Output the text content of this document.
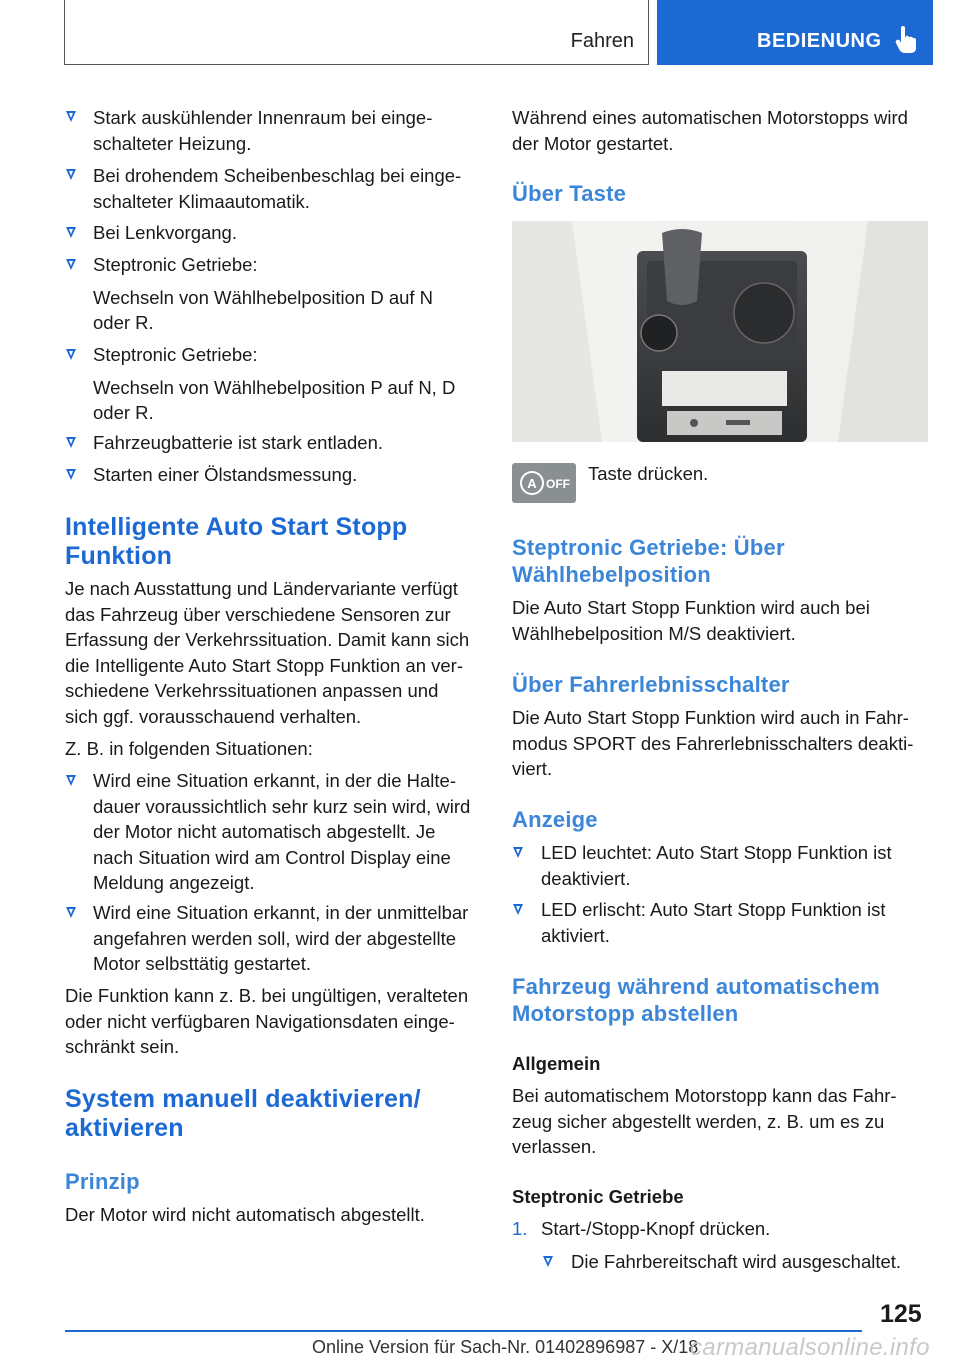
Fahren	BEDIENUNG
Stark auskühlender Innenraum bei einge-
schalteter Heizung.
Bei drohendem Scheibenbeschlag bei einge-
schalteter Klimaautomatik.
Bei Lenkvorgang.
Steptronic Getriebe:
Wechseln von Wählhebelposition D auf N
oder R.
Steptronic Getriebe:
Wechseln von Wählhebelposition P auf N, D
oder R.
Fahrzeugbatterie ist stark entladen.
Starten einer Ölstandsmessung.
Intelligente Auto Start Stopp
Funktion
Je nach Ausstattung und Ländervariante verfügt
das Fahrzeug über verschiedene Sensoren zur
Erfassung der Verkehrssituation. Damit kann sich
die Intelligente Auto Start Stopp Funktion an ver-
schiedene Verkehrssituationen anpassen und
sich ggf. vorausschauend verhalten.
Z. B. in folgenden Situationen:
Wird eine Situation erkannt, in der die Halte-
dauer voraussichtlich sehr kurz sein wird, wird
der Motor nicht automatisch abgestellt. Je
nach Situation wird am Control Display eine
Meldung angezeigt.
Wird eine Situation erkannt, in der unmittelbar
angefahren werden soll, wird der abgestellte
Motor selbsttätig gestartet.
Die Funktion kann z. B. bei ungültigen, veralteten
oder nicht verfügbaren Navigationsdaten einge-
schränkt sein.
System manuell deaktivieren/
aktivieren
Prinzip
Der Motor wird nicht automatisch abgestellt.
Während eines automatischen Motorstopps wird
der Motor gestartet.
Über Taste
A OFF Taste drücken.
Steptronic Getriebe: Über
Wählhebelposition
Die Auto Start Stopp Funktion wird auch bei
Wählhebelposition M/S deaktiviert.
Über Fahrerlebnisschalter
Die Auto Start Stopp Funktion wird auch in Fahr-
modus SPORT des Fahrerlebnisschalters deakti-
viert.
Anzeige
LED leuchtet: Auto Start Stopp Funktion ist
deaktiviert.
LED erlischt: Auto Start Stopp Funktion ist
aktiviert.
Fahrzeug während automatischem
Motorstopp abstellen
Allgemein
Bei automatischem Motorstopp kann das Fahr-
zeug sicher abgestellt werden, z. B. um es zu
verlassen.
Steptronic Getriebe
1. Start-/Stopp-Knopf drücken.
Die Fahrbereitschaft wird ausgeschaltet.
125
Online Version für Sach-Nr. 01402896987 - X/18
carmanualsonline.info
